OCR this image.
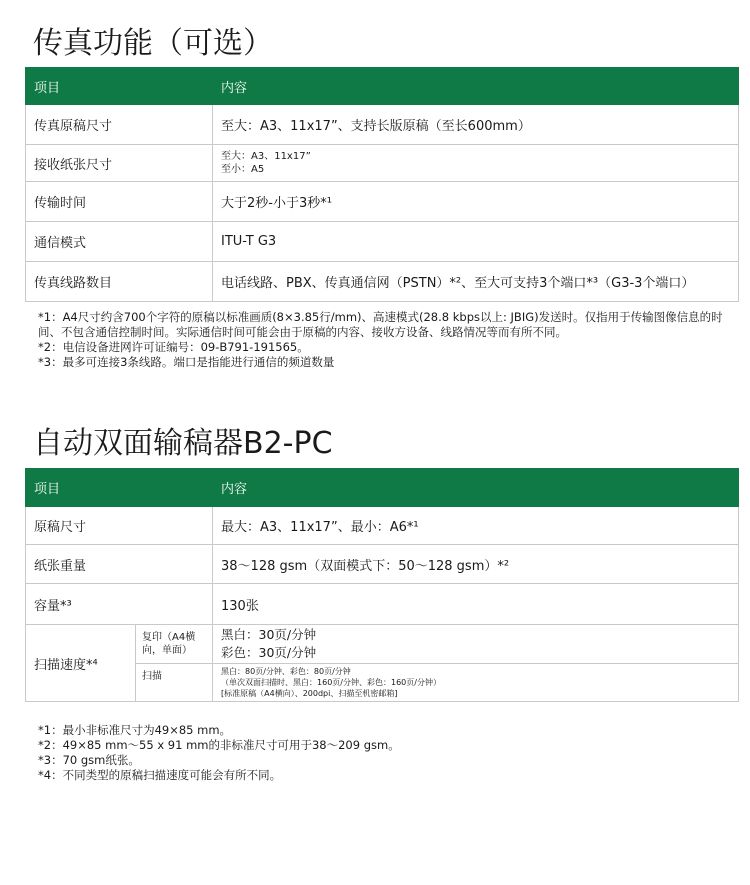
传真功能（可选）
项目	内容
传真原稿尺寸	至大：A3、11x17”、支持长版原稿（至长600mm）
接收纸张尺寸	至大：A3、11x17”
至小：A5

传输时间	大于2秒-小于3秒*¹
通信模式	ITU-T G3
传真线路数目	电话线路、PBX、传真通信网（PSTN）*²、至大可支持3个端口*³（G3-3个端口）
*1：A4尺寸约含700个字符的原稿以标准画质(8×3.85行/mm)、高速模式(28.8 kbps以上: JBIG)发送时。仅指用于传输图像信息的时间、不包含通信控制时间。实际通信时间可能会由于原稿的内容、接收方设备、线路情况等而有所不同。
*2：电信设备进网许可证编号：09-B791-191565。
*3：最多可连接3条线路。端口是指能进行通信的频道数量
自动双面输稿器B2-PC
项目		内容
原稿尺寸		最大：A3、11x17”、最小：A6*¹
纸张重量		38～128 gsm（双面模式下：50～128 gsm）*²
容量*³		130张
扫描速度*⁴	复印（A4横
向，单面）	黑白：30页/分钟
彩色：30页/分钟

	扫描	黑白：80页/分钟、彩色：80页/分钟
（单次双面扫描时、黑白：160页/分钟、彩色：160页/分钟）
[标准原稿（A4横向）、200dpi、扫描至机密邮箱]
*1：最小非标准尺寸为49×85 mm。
*2：49×85 mm～55 x 91 mm的非标准尺寸可用于38～209 gsm。
*3：70 gsm纸张。
*4：不同类型的原稿扫描速度可能会有所不同。
